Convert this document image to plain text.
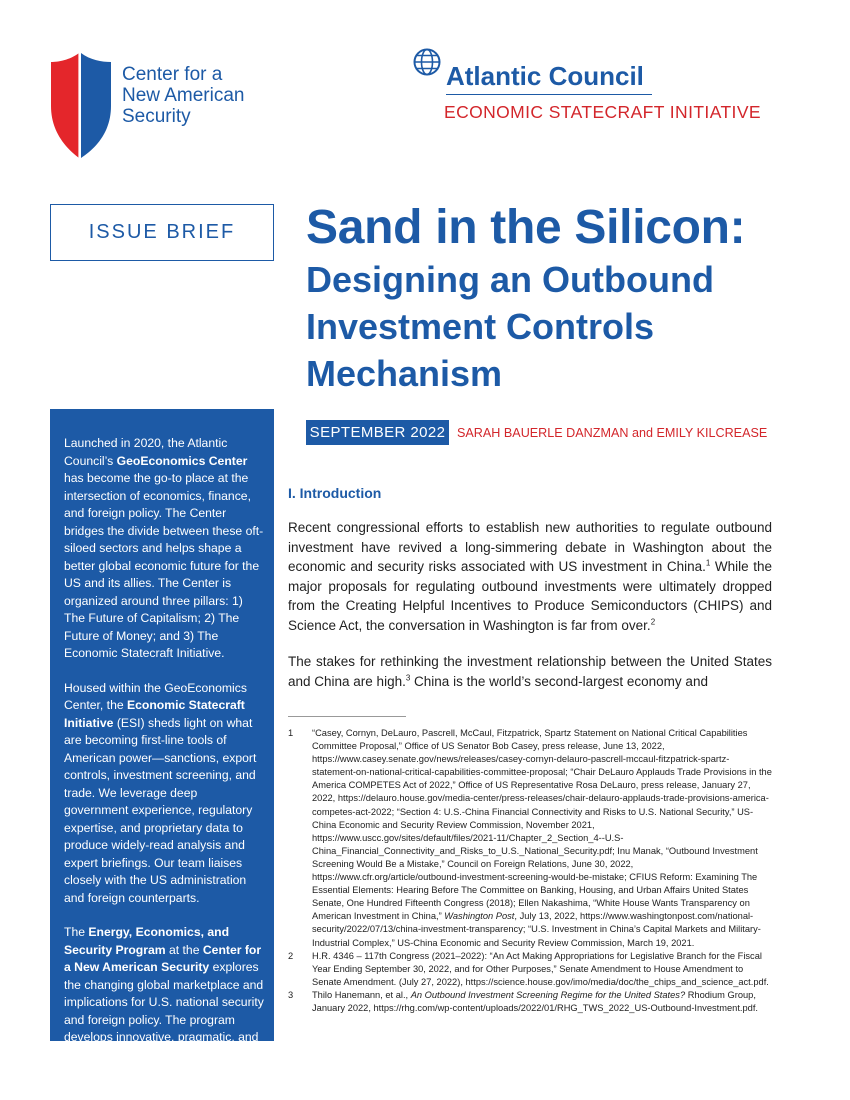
Center for a
New American
Security
Atlantic Council
ECONOMIC STATECRAFT INITIATIVE
ISSUE BRIEF Sand in the Silicon:
Designing an Outbound Investment Controls Mechanism

Launched in 2020, the Atlantic Council’s GeoEconomics Center has become the go-to place at the intersection of economics, finance, and foreign policy. The Center bridges the divide between these oft-siloed sectors and helps shape a better global economic future for the US and its allies. The Center is organized around three pillars: 1) The Future of Capitalism; 2) The Future of Money; and 3) The Economic Statecraft Initiative.

Housed within the GeoEconomics Center, the Economic Statecraft Initiative (ESI) sheds light on what are becoming first-line tools of American power—sanctions, export controls, investment screening, and trade. We leverage deep government experience, regulatory expertise, and proprietary data to produce widely-read analysis and expert briefings. Our team liaises closely with the US administration and foreign counterparts.

The Energy, Economics, and Security Program at the Center for a New American Security explores the changing global marketplace and implications for U.S. national security and foreign policy. The program develops innovative, pragmatic, and bipartisan recommendations for economic security policy.

SEPTEMBER 2022 SARAH BAUERLE DANZMAN and EMILY KILCREASE
I. Introduction
Recent congressional efforts to establish new authorities to regulate outbound investment have revived a long-simmering debate in Washington about the economic and security risks associated with US investment in China.$^1$ While the major proposals for regulating outbound investments were ultimately dropped from the Creating Helpful Incentives to Produce Semiconductors (CHIPS) and Science Act, the conversation in Washington is far from over.$^2$
The stakes for rethinking the investment relationship between the United States and China are high.$^3$ China is the world’s second-largest economy and
1	“Casey, Cornyn, DeLauro, Pascrell, McCaul, Fitzpatrick, Spartz Statement on National Critical Capabilities Committee Proposal,” Office of US Senator Bob Casey, press release, June 13, 2022, https://www.casey.senate.gov/news/releases/casey-cornyn-delauro-pascrell-mccaul-fitzpatrick-spartz-statement-on-national-critical-capabilities-committee-proposal; “Chair DeLauro Applauds Trade Provisions in the America COMPETES Act of 2022,” Office of US Representative Rosa DeLauro, press release, January 27, 2022, https://delauro.house.gov/media-center/press-releases/chair-delauro-applauds-trade-provisions-america-competes-act-2022; “Section 4: U.S.-China Financial Connectivity and Risks to U.S. National Security,” US-China Economic and Security Review Commission, November 2021, https://www.uscc.gov/sites/default/files/2021-11/Chapter_2_Section_4--U.S-China_Financial_Connectivity_and_Risks_to_U.S._National_Security.pdf; Inu Manak, “Outbound Investment Screening Would Be a Mistake,” Council on Foreign Relations, June 30, 2022, https://www.cfr.org/article/outbound-investment-screening-would-be-mistake; CFIUS Reform: Examining The Essential Elements: Hearing Before The Committee on Banking, Housing, and Urban Affairs United States Senate, One Hundred Fifteenth Congress (2018); Ellen Nakashima, “White House Wants Transparency on American Investment in China,” Washington Post, July 13, 2022, https://www.washingtonpost.com/national-security/2022/07/13/china-investment-transparency; “U.S. Investment in China’s Capital Markets and Military-Industrial Complex,” US-China Economic and Security Review Commission, March 19, 2021.
2	H.R. 4346 – 117th Congress (2021–2022): “An Act Making Appropriations for Legislative Branch for the Fiscal Year Ending September 30, 2022, and for Other Purposes,” Senate Amendment to House Amendment to Senate Amendment. (July 27, 2022), https://science.house.gov/imo/media/doc/the_chips_and_science_act.pdf.
3	Thilo Hanemann, et al., An Outbound Investment Screening Regime for the United States? Rhodium Group, January 2022, https://rhg.com/wp-content/uploads/2022/01/RHG_TWS_2022_US-Outbound-Investment.pdf.
